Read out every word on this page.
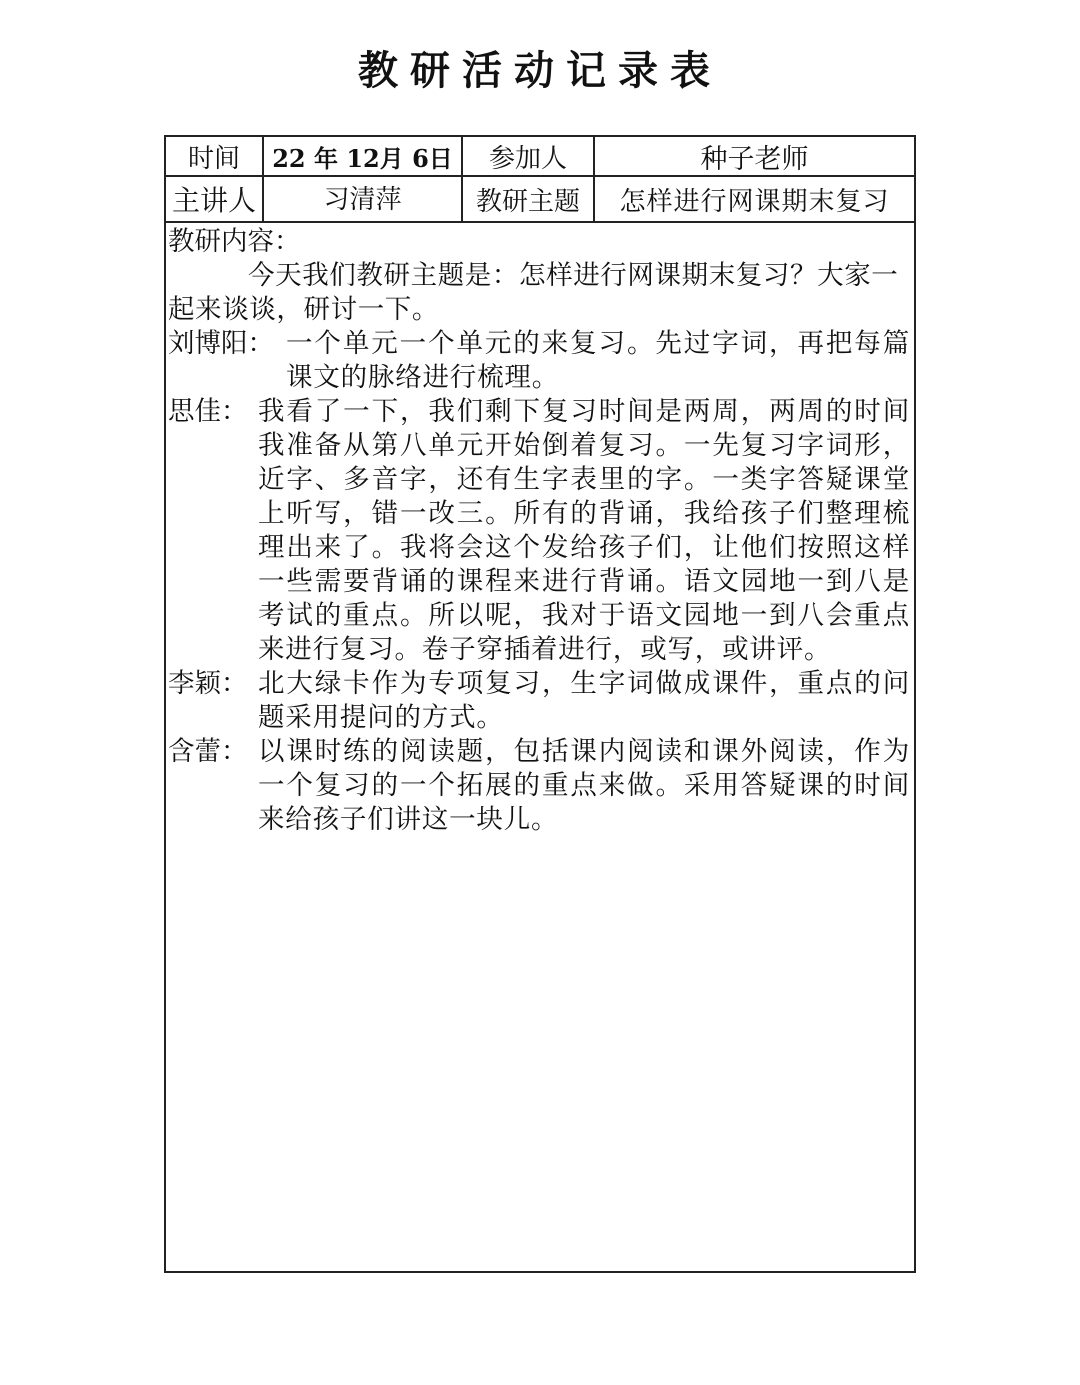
教研活动记录表
时间	22 年 12月 6日	参加人	种子老师
主讲人	习清萍	教研主题	怎样进行网课期末复习
教研内容：

今天我们教研主题是：怎样进行网课期末复习？大家一起来谈谈，研讨一下。

刘博阳： 一个单元一个单元的来复习。先过字词，再把每篇课文的脉络进行梳理。
思佳： 我看了一下，我们剩下复习时间是两周，两周的时间我准备从第八单元开始倒着复习。一先复习字词形，近字、多音字，还有生字表里的字。一类字答疑课堂上听写，错一改三。所有的背诵，我给孩子们整理梳理出来了。我将会这个发给孩子们，让他们按照这样一些需要背诵的课程来进行背诵。语文园地一到八是考试的重点。所以呢，我对于语文园地一到八会重点来进行复习。卷子穿插着进行，或写，或讲评。
李颖： 北大绿卡作为专项复习，生字词做成课件，重点的问题采用提问的方式。
含蕾： 以课时练的阅读题，包括课内阅读和课外阅读，作为一个复习的一个拓展的重点来做。采用答疑课的时间来给孩子们讲这一块儿。
